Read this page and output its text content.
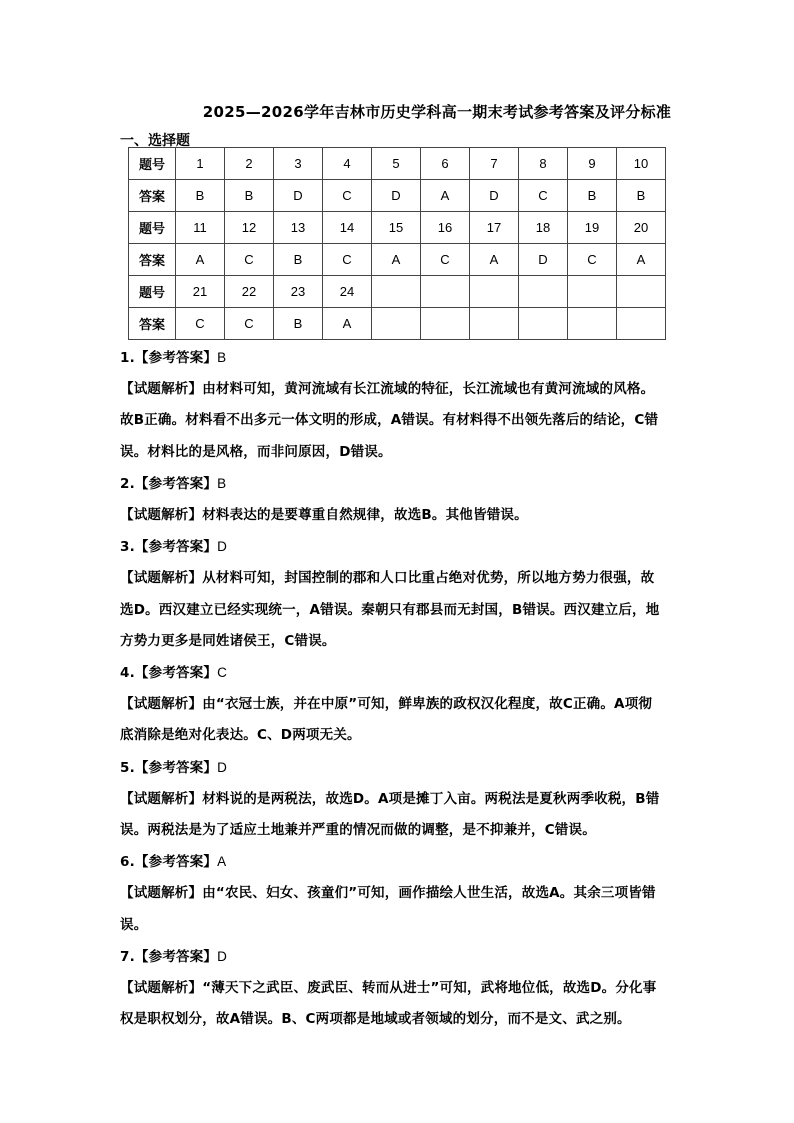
2025—2026学年吉林市历史学科高一期末考试参考答案及评分标准
一、选择题
题号	1	2	3	4	5	6	7	8	9	10
答案	B	B	D	C	D	A	D	C	B	B
题号	11	12	13	14	15	16	17	18	19	20
答案	A	C	B	C	A	C	A	D	C	A
题号	21	22	23	24						
答案	C	C	B	A						
1.【参考答案】B
【试题解析】由材料可知，黄河流域有长江流域的特征，长江流域也有黄河流域的风格。
故B正确。材料看不出多元一体文明的形成，A错误。有材料得不出领先落后的结论，C错
误。材料比的是风格，而非问原因，D错误。
2.【参考答案】B
【试题解析】材料表达的是要尊重自然规律，故选B。其他皆错误。
3.【参考答案】D
【试题解析】从材料可知，封国控制的郡和人口比重占绝对优势，所以地方势力很强，故
选D。西汉建立已经实现统一，A错误。秦朝只有郡县而无封国，B错误。西汉建立后，地
方势力更多是同姓诸侯王，C错误。
4.【参考答案】C
【试题解析】由“衣冠士族，并在中原”可知，鲜卑族的政权汉化程度，故C正确。A项彻
底消除是绝对化表达。C、D两项无关。
5.【参考答案】D
【试题解析】材料说的是两税法，故选D。A项是摊丁入亩。两税法是夏秋两季收税，B错
误。两税法是为了适应土地兼并严重的情况而做的调整，是不抑兼并，C错误。
6.【参考答案】A
【试题解析】由“农民、妇女、孩童们”可知，画作描绘人世生活，故选A。其余三项皆错
误。
7.【参考答案】D
【试题解析】“薄天下之武臣、废武臣、转而从进士”可知，武将地位低，故选D。分化事
权是职权划分，故A错误。B、C两项都是地域或者领域的划分，而不是文、武之别。
